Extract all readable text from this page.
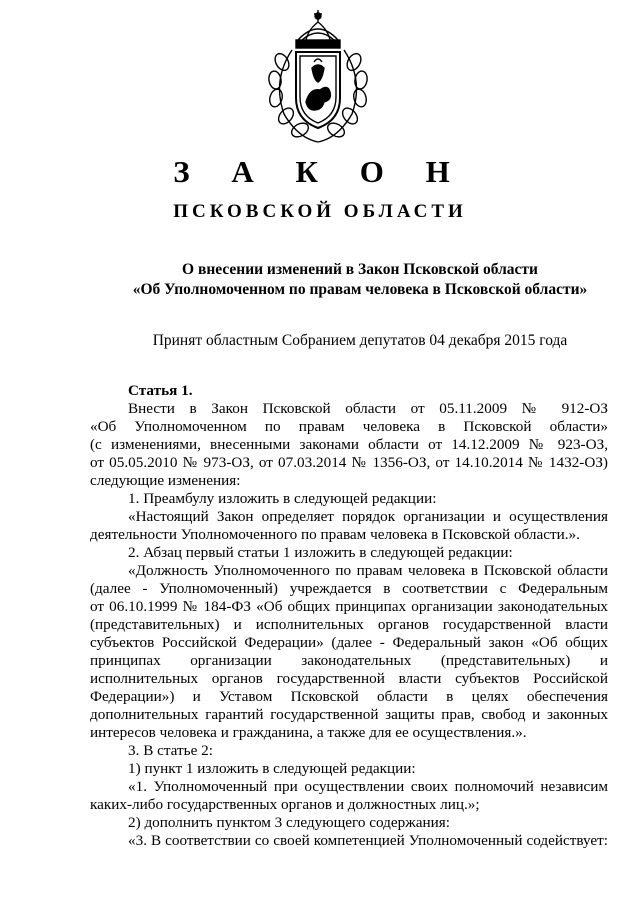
З А К О Н
ПСКОВСКОЙ ОБЛАСТИ
О внесении изменений в Закон Псковской области
«Об Уполномоченном по правам человека в Псковской области»
Принят областным Собранием депутатов 04 декабря 2015 года
Статья 1.
Внести в Закон Псковской области от 05.11.2009 № 912-ОЗ
«Об Уполномоченном по правам человека в Псковской области»
(с изменениями, внесенными законами области от 14.12.2009 № 923-ОЗ,
от 05.05.2010 № 973-ОЗ, от 07.03.2014 № 1356-ОЗ, от 14.10.2014 № 1432-ОЗ)
следующие изменения:
1. Преамбулу изложить в следующей редакции:
«Настоящий Закон определяет порядок организации и осуществления
деятельности Уполномоченного по правам человека в Псковской области.».
2. Абзац первый статьи 1 изложить в следующей редакции:
«Должность Уполномоченного по правам человека в Псковской области
(далее - Уполномоченный) учреждается в соответствии с Федеральным
от 06.10.1999 № 184-ФЗ «Об общих принципах организации законодательных
(представительных) и исполнительных органов государственной власти
субъектов Российской Федерации» (далее - Федеральный закон «Об общих
принципах организации законодательных (представительных) и
исполнительных органов государственной власти субъектов Российской
Федерации») и Уставом Псковской области в целях обеспечения
дополнительных гарантий государственной защиты прав, свобод и законных
интересов человека и гражданина, а также для ее осуществления.».
3. В статье 2:
1) пункт 1 изложить в следующей редакции:
«1. Уполномоченный при осуществлении своих полномочий независим
каких-либо государственных органов и должностных лиц.»;
2) дополнить пунктом 3 следующего содержания:
«3. В соответствии со своей компетенцией Уполномоченный содействует:
